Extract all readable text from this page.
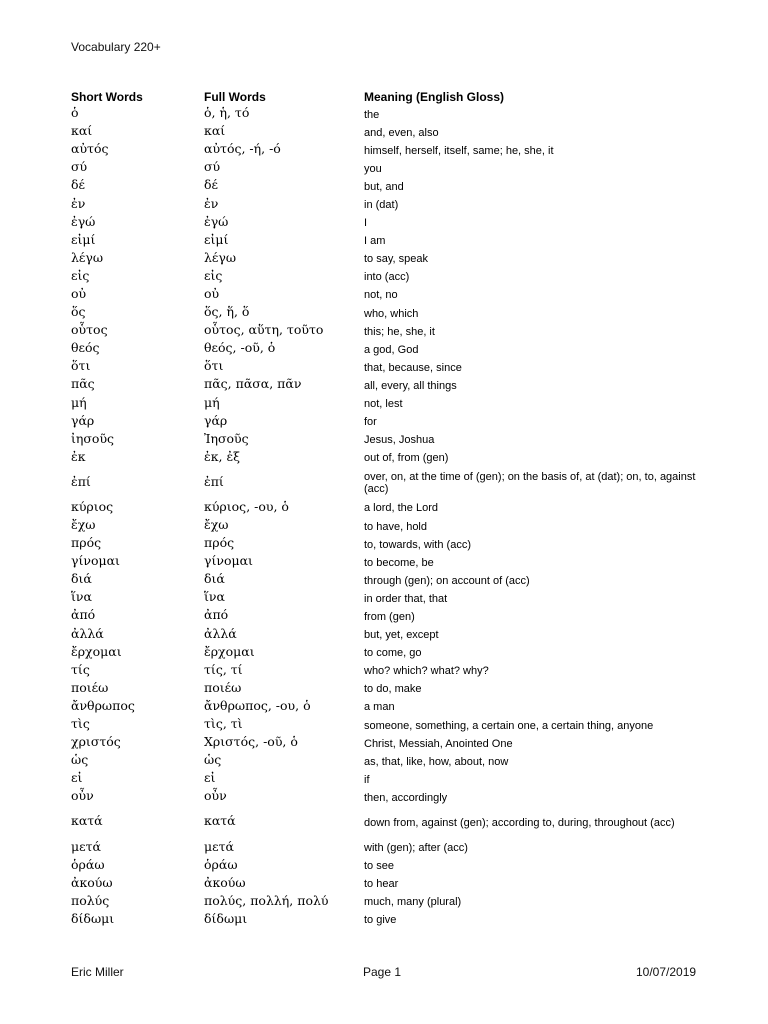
Vocabulary 220+
Short Words	Full Words	Meaning (English Gloss)
ὁ	ὁ, ἡ, τό	the
καί	καί	and, even, also
αὐτός	αὐτός, -ή, -ό	himself, herself, itself, same; he, she, it
σύ	σύ	you
δέ	δέ	but, and
ἐν	ἐν	in (dat)
ἐγώ	ἐγώ	I
εἰμί	εἰμί	I am
λέγω	λέγω	to say, speak
εἰς	εἰς	into (acc)
οὐ	οὐ	not, no
ὅς	ὅς, ἥ, ὅ	who, which
οὗτος	οὗτος, αὕτη, τοῦτο	this; he, she, it
θεός	θεός, -οῦ, ὁ	a god, God
ὅτι	ὅτι	that, because, since
πᾶς	πᾶς, πᾶσα, πᾶν	all, every, all things
μή	μή	not, lest
γάρ	γάρ	for
ἰησοῦς	Ἰησοῦς	Jesus, Joshua
ἐκ	ἐκ, ἐξ	out of, from (gen)
ἐπί	ἐπί	over, on, at the time of (gen); on the basis of, at (dat); on, to, against (acc)
κύριος	κύριος, -ου, ὁ	a lord, the Lord
ἔχω	ἔχω	to have, hold
πρός	πρός	to, towards, with (acc)
γίνομαι	γίνομαι	to become, be
διά	διά	through (gen); on account of (acc)
ἵνα	ἵνα	in order that, that
ἀπό	ἀπό	from (gen)
ἀλλά	ἀλλά	but, yet, except
ἔρχομαι	ἔρχομαι	to come, go
τίς	τίς, τί	who? which? what? why?
ποιέω	ποιέω	to do, make
ἄνθρωπος	ἄνθρωπος, -ου, ὁ	a man
τὶς	τὶς, τὶ	someone, something, a certain one, a certain thing, anyone
χριστός	Χριστός, -οῦ, ὁ	Christ, Messiah, Anointed One
ὡς	ὡς	as, that, like, how, about, now
εἰ	εἰ	if
οὖν	οὖν	then, accordingly
κατά	κατά	down from, against (gen); according to, during, throughout (acc)
μετά	μετά	with (gen); after (acc)
ὁράω	ὁράω	to see
ἀκούω	ἀκούω	to hear
πολύς	πολύς, πολλή, πολύ	much, many (plural)
δίδωμι	δίδωμι	to give
Eric Miller	Page 1	10/07/2019
